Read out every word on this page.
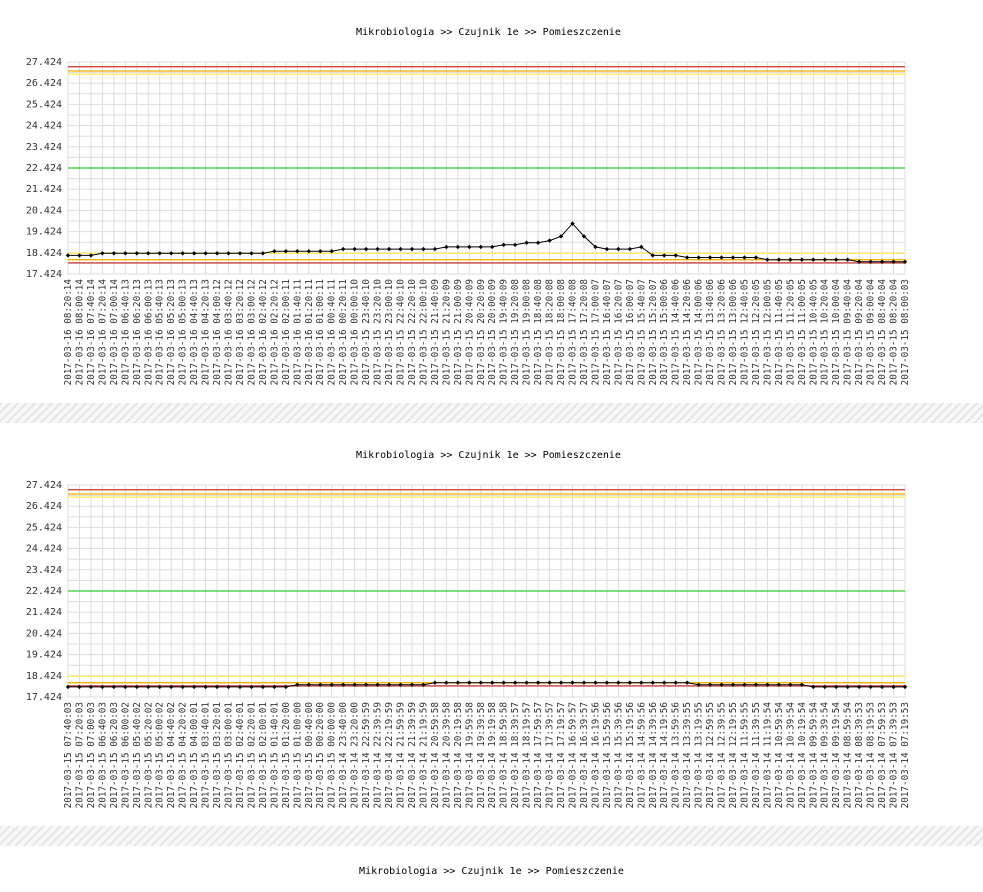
Mikrobiologia >> Czujnik 1e >> Pomieszczenie
27.424
26.424
25.424
24.424
23.424
22.424
21.424
20.424
19.424
18.424
17.424
2017-03-16 08:20:14 2017-03-16 08:00:14 2017-03-16 07:40:14 2017-03-16 07:20:14 2017-03-16 07:00:14 2017-03-16 06:40:13 2017-03-16 06:20:13 2017-03-16 06:00:13 2017-03-16 05:40:13 2017-03-16 05:20:13 2017-03-16 05:00:13 2017-03-16 04:40:13 2017-03-16 04:20:13 2017-03-16 04:00:12 2017-03-16 03:40:12 2017-03-16 03:20:12 2017-03-16 03:00:12 2017-03-16 02:40:12 2017-03-16 02:20:12 2017-03-16 02:00:11 2017-03-16 01:40:11 2017-03-16 01:20:11 2017-03-16 01:00:11 2017-03-16 00:40:11 2017-03-16 00:20:11 2017-03-16 00:00:10 2017-03-15 23:40:10 2017-03-15 23:20:10 2017-03-15 23:00:10 2017-03-15 22:40:10 2017-03-15 22:20:10 2017-03-15 22:00:10 2017-03-15 21:40:09 2017-03-15 21:20:09 2017-03-15 21:00:09 2017-03-15 20:40:09 2017-03-15 20:20:09 2017-03-15 20:00:09 2017-03-15 19:40:09 2017-03-15 19:20:08 2017-03-15 19:00:08 2017-03-15 18:40:08 2017-03-15 18:20:08 2017-03-15 18:00:08 2017-03-15 17:40:08 2017-03-15 17:20:08 2017-03-15 17:00:07 2017-03-15 16:40:07 2017-03-15 16:20:07 2017-03-15 16:00:07 2017-03-15 15:40:07 2017-03-15 15:20:07 2017-03-15 15:00:06 2017-03-15 14:40:06 2017-03-15 14:20:06 2017-03-15 14:00:06 2017-03-15 13:40:06 2017-03-15 13:20:06 2017-03-15 13:00:06 2017-03-15 12:40:05 2017-03-15 12:20:05 2017-03-15 12:00:05 2017-03-15 11:40:05 2017-03-15 11:20:05 2017-03-15 11:00:05 2017-03-15 10:40:05 2017-03-15 10:20:04 2017-03-15 10:00:04 2017-03-15 09:40:04 2017-03-15 09:20:04 2017-03-15 09:00:04 2017-03-15 08:40:04 2017-03-15 08:20:04 2017-03-15 08:00:03
Mikrobiologia >> Czujnik 1e >> Pomieszczenie
27.424
26.424
25.424
24.424
23.424
22.424
21.424
20.424
19.424
18.424
17.424
2017-03-15 07:40:03 2017-03-15 07:20:03 2017-03-15 07:00:03 2017-03-15 06:40:03 2017-03-15 06:20:03 2017-03-15 06:00:02 2017-03-15 05:40:02 2017-03-15 05:20:02 2017-03-15 05:00:02 2017-03-15 04:40:02 2017-03-15 04:20:02 2017-03-15 04:00:01 2017-03-15 03:40:01 2017-03-15 03:20:01 2017-03-15 03:00:01 2017-03-15 02:40:01 2017-03-15 02:20:01 2017-03-15 02:00:01 2017-03-15 01:40:01 2017-03-15 01:20:00 2017-03-15 01:00:00 2017-03-15 00:40:00 2017-03-15 00:20:00 2017-03-15 00:00:00 2017-03-14 23:40:00 2017-03-14 23:20:00 2017-03-14 22:59:59 2017-03-14 22:39:59 2017-03-14 22:19:59 2017-03-14 21:59:59 2017-03-14 21:39:59 2017-03-14 21:19:59 2017-03-14 20:59:58 2017-03-14 20:39:58 2017-03-14 20:19:58 2017-03-14 19:59:58 2017-03-14 19:39:58 2017-03-14 19:19:58 2017-03-14 18:59:58 2017-03-14 18:39:57 2017-03-14 18:19:57 2017-03-14 17:59:57 2017-03-14 17:39:57 2017-03-14 17:19:57 2017-03-14 16:59:57 2017-03-14 16:39:57 2017-03-14 16:19:56 2017-03-14 15:59:56 2017-03-14 15:39:56 2017-03-14 15:19:56 2017-03-14 14:59:56 2017-03-14 14:39:56 2017-03-14 14:19:56 2017-03-14 13:59:56 2017-03-14 13:39:55 2017-03-14 13:19:55 2017-03-14 12:59:55 2017-03-14 12:39:55 2017-03-14 12:19:55 2017-03-14 11:59:55 2017-03-14 11:39:55 2017-03-14 11:19:54 2017-03-14 10:59:54 2017-03-14 10:39:54 2017-03-14 10:19:54 2017-03-14 09:59:54 2017-03-14 09:39:54 2017-03-14 09:19:54 2017-03-14 08:59:54 2017-03-14 08:39:53 2017-03-14 08:19:53 2017-03-14 07:59:53 2017-03-14 07:39:53 2017-03-14 07:19:53
Mikrobiologia >> Czujnik 1e >> Pomieszczenie
